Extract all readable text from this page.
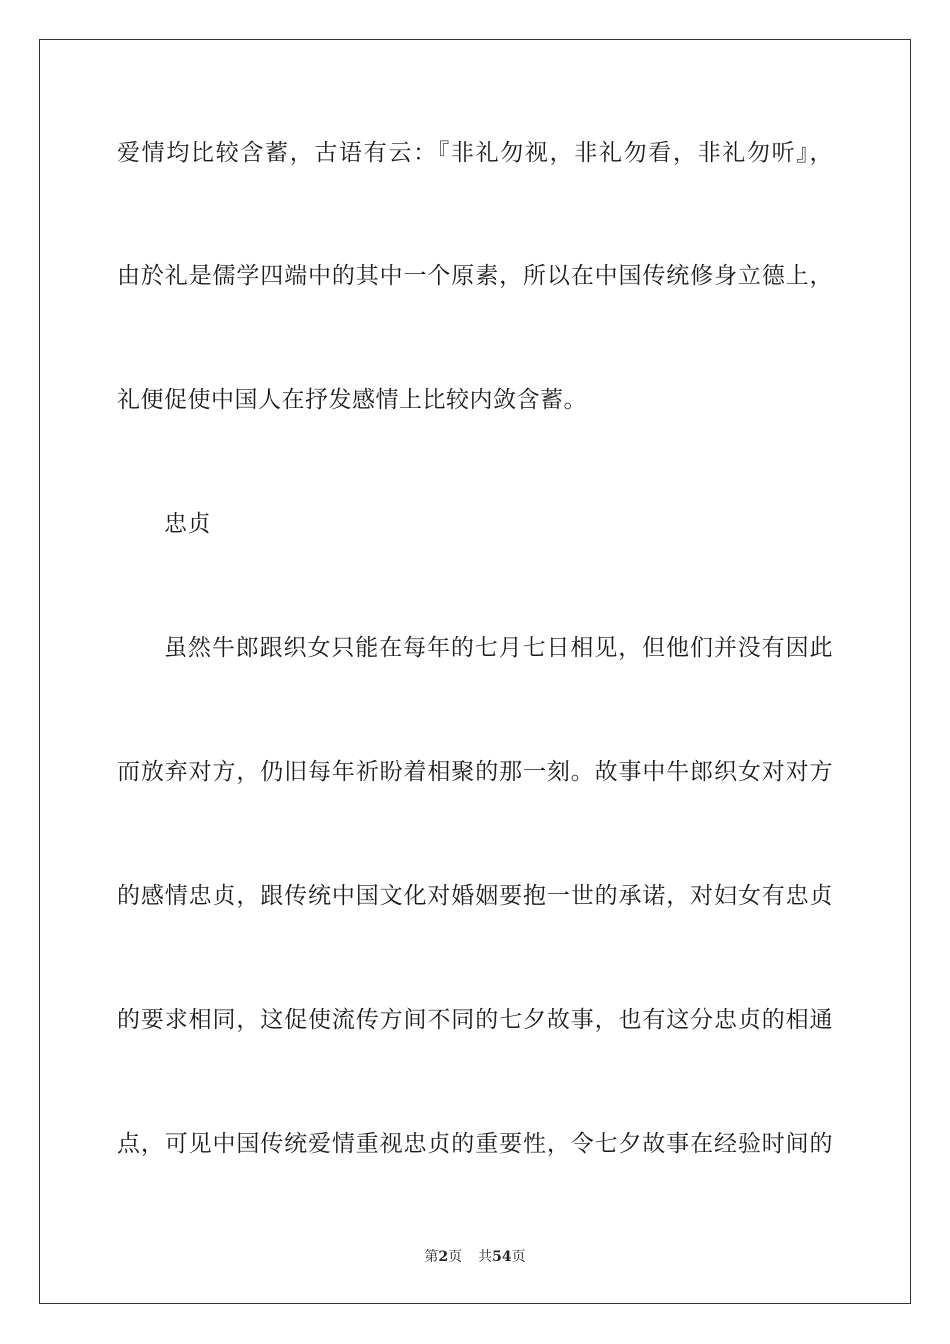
爱情均比较含蓄，古语有云：『非礼勿视，非礼勿看，非礼勿听』，
由於礼是儒学四端中的其中一个原素，所以在中国传统修身立德上，
礼便促使中国人在抒发感情上比较内敛含蓄。
忠贞
虽然牛郎跟织女只能在每年的七月七日相见，但他们并没有因此
而放弃对方，仍旧每年祈盼着相聚的那一刻。故事中牛郎织女对对方
的感情忠贞，跟传统中国文化对婚姻要抱一世的承诺，对妇女有忠贞
的要求相同，这促使流传方间不同的七夕故事，也有这分忠贞的相通
点，可见中国传统爱情重视忠贞的重要性，令七夕故事在经验时间的
第2页 共54页
